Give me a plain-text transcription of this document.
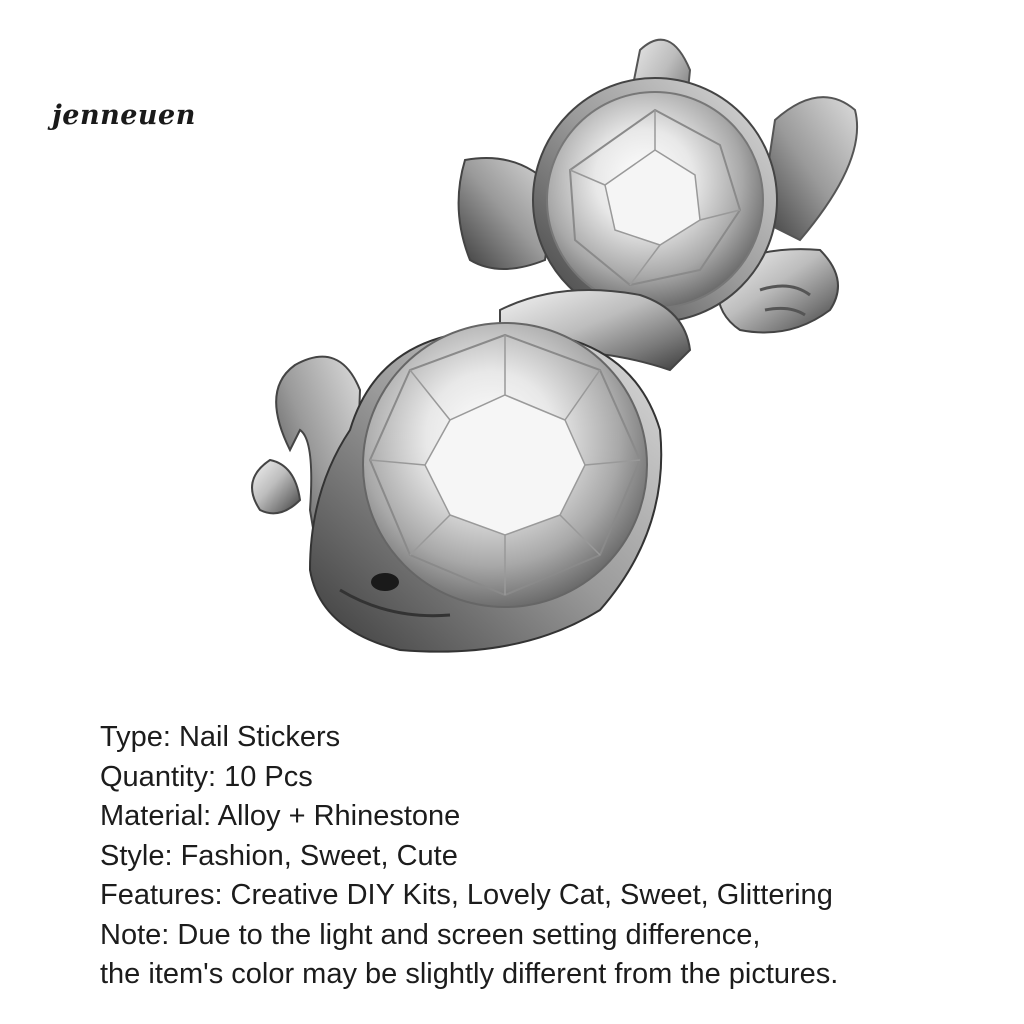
jenneuen
Type: Nail Stickers
Quantity: 10 Pcs
Material: Alloy + Rhinestone
Style: Fashion, Sweet, Cute
Features: Creative DIY Kits, Lovely Cat, Sweet, Glittering
Note: Due to the light and screen setting difference,
the item's color may be slightly different from the pictures.
